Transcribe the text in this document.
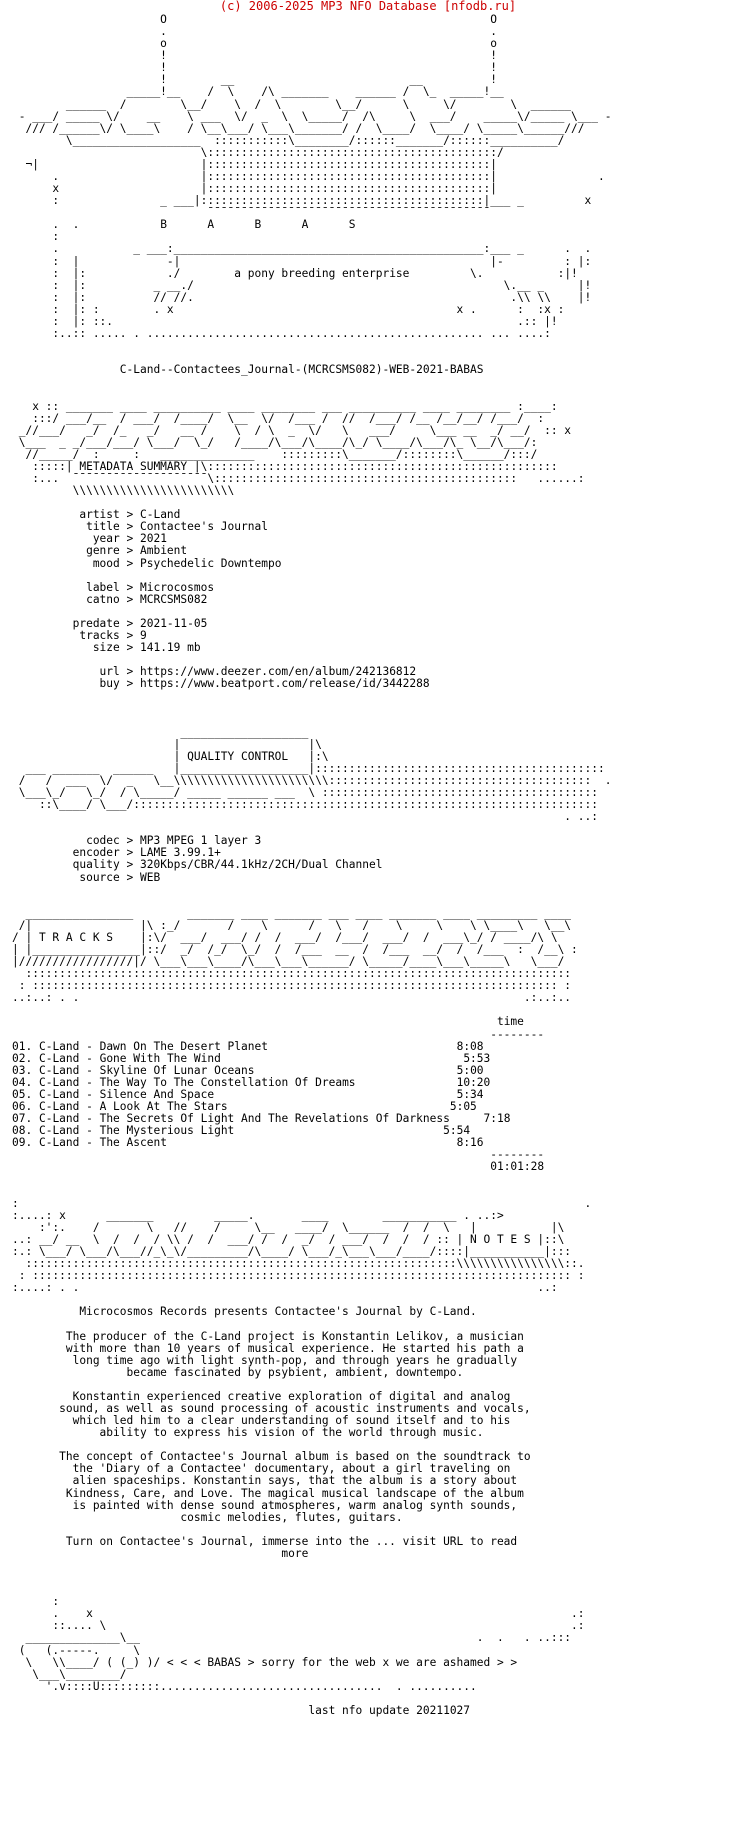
(c) 2006-2025 MP3 NFO Database [nfodb.ru]
O                                                O
.                                                .
o                                                o
!                                                !
!                                                !
!        __                          __          !
_____!__    /  \    /\ _______    ______ /  \_  _____!__
______  /        \__/    \  /  \        \__/      \     \/        \  ______
- ___/ _____ \/    __    \ ___  \/  _  \  \_____/  /\     \  ___/    _____\/_____ \___ -
/// /______\/ \____\    / \__\___/ \___\_______/ /  \____/  \____/ \_____\______///
\___________________  :::::::::::\________/::::::_______/::::::__________/
\:::::::::::::::::::::::::::::::::::::::::::/
¬|                        |::::::::::::::::::::::::::::::::::::::::::|
.                     |::::::::::::::::::::::::::::::::::::::::::|               .
x                     |::::::::::::::::::::::::::::::::::::::::::|
:               _ ___|::::::::::::::::::::::::::::::::::::::::::|___ _         x
¯¯¯¯¯¯¯¯¯¯¯¯¯¯¯¯¯¯¯¯¯¯¯¯¯¯¯¯¯¯¯¯¯¯¯¯¯¯¯¯¯¯
.  .	B      A      B      A      S
:
.           _ ___:______________________________________________:___ _      .  .
:  |             -|                                              |-         : |:
:  |:            ./	a pony breeding enterprise	\.           :|!
:  |:          _ __./                                              \.__ _     |!
:  |:          // //.                                               .\\ \\    |!
:  |: :        . x                                          x .      :  :x :
:  |: ::.                                                            .:: |!
:..:: ..... . .................................................. ... ....:

C-Land--Contactees_Journal-(MCRCSMS082)-WEB-2021-BABAS

x :: _______ ____ __________ ____ ________ ___ __________ ____ ________ :____:
:::/ ___/__  / ___/  /____/  \__  \/  /___ /  //  /___/ /__ /__/__/ /___/  :
_//___/   _/  /_   _/   __ /    \  / \  _  \/   \   ___/     \___ __  _/ __/  :: x
\___  _ _/___/___/ \___/  \_/   /____/\___/\____/\_/ \____/\___/\_ \__/\___/:
//_____/  :     :   ______________    :::::::::\_______/::::::::\______/:::/
:::::| METADATA SUMMARY |\::::::::::::::::::::::::::::::::::::::::::::::::::::
:...  ¯¯¯¯¯¯¯¯¯¯¯¯¯¯¯¯¯¯¯¯\:::::::::::::::::::::::::::::::::::::::::::::   ......:
\\\\\\\\\\\\\\\\\\\\\\\\

artist > C-Land
title > Contactee's Journal
year > 2021
genre > Ambient
mood > Psychedelic Downtempo

label > Microcosmos
catno > MCRCSMS082

predate > 2021-11-05
tracks > 9
size > 141.19 mb

url > https://www.deezer.com/en/album/242136812
buy > https://www.beatport.com/release/id/3442288

___________________
|                   |\
| QUALITY CONTROL   |:\
___ _______  ______   |___________________|:::::::::::::::::::::::::::::::::::::::::::
/   /  ___  \/  _   \__\\\\\\\\\\\\\\\\\\\\\\\:::::::::::::::::::::::::::::::::::::::  .
\___\_/   \_/  / \_____/ _____ ______ ___  \ :::::::::::::::::::::::::::::::::::::::::
::\____/ \___/:::::::::::::::::::::::::::::::::::::::::::::::::::::::::::::::::::::
. ..:

codec > MP3 MPEG 1 layer 3
encoder > LAME 3.99.1+
quality > 320Kbps/CBR/44.1kHz/2CH/Dual Channel
source > WEB

________________        _______ ____ _______ ___ ____ _______ ____ _________ ____
/|                |\ :_/       /    \      /   \   /    \     \    \ \____\   \__\
/ | T R A C K S    |:\/  ___/  ___/ /  /  ___/  /___/  ___/  /  ___\_/ / ____/\ \
| |________________|::/  _/  /_/  \_/  /  /___  __  /  /___  __/  /  /___  :  /__\ :
|/////////////////|/ \___\___\____/\___\___\______/ \_____/____\___\_____\   \___/
:::::::::::::::::::::::::::::::::::::::::::::::::::::::::::::::::::::::::::::::::
: :::::::::::::::::::::::::::::::::::::::::::::::::::::::::::::::::::::::::::::: :
..:..: . .                                                                  .:..:..

time
--------
01. C-Land - Dawn On The Desert Planet	8:08
02. C-Land - Gone With The Wind	5:53
03. C-Land - Skyline Of Lunar Oceans	5:00
04. C-Land - The Way To The Constellation Of Dreams	10:20
05. C-Land - Silence And Space	5:34
06. C-Land - A Look At The Stars	5:05
07. C-Land - The Secrets Of Light And The Revelations Of Darkness	7:18
08. C-Land - The Mysterious Light	5:54
09. C-Land - The Ascent	8:16
--------
01:01:28

:                                                                                    .
:....: x      _______         _____.       ____        ___________ . ..:>
:':.    /       \   //    /     \__   ____/  \______  /  /  \   |           |\
..: __/ __  \  /  /  / \\ /  /  ___/ /  /  _/  / ___/  /  /  / :: | N O T E S |::\
:.: \___/ \___/\___//_\_\/_________/\____/ \___/_\___\___/____/::::|___________|:::
::::::::::::::::::::::::::::::::::::::::::::::::::::::::::::::::\\\\\\\\\\\\\\\\::.
: :::::::::::::::::::::::::::::::::::::::::::::::::::::::::::::::::::::::::::::::: :
:....: . .                                                                    ..:

Microcosmos Records presents Contactee's Journal by C-Land.

The producer of the C-Land project is Konstantin Lelikov, a musician
with more than 10 years of musical experience. He started his path a
long time ago with light synth-pop, and through years he gradually
became fascinated by psybient, ambient, downtempo.

Konstantin experienced creative exploration of digital and analog
sound, as well as sound processing of acoustic instruments and vocals,
which led him to a clear understanding of sound itself and to his
ability to express his vision of the world through music.

The concept of Contactee's Journal album is based on the soundtrack to
the 'Diary of a Contactee' documentary, about a girl traveling on
alien spaceships. Konstantin says, that the album is a story about
Kindness, Care, and Love. The magical musical landscape of the album
is painted with dense sound atmospheres, warm analog synth sounds,
cosmic melodies, flutes, guitars.

Turn on Contactee's Journal, immerse into the ... visit URL to read
more

:
.    x                                                                       .:
::.... \                                                                     .:
______________\__                                                  .  .   . ..:::
(   (.-----.     \
\   \\____/ ( (_) )/ < < < BABAS > sorry for the web x we are ashamed > >
\___\________/
'.v::::U:::::::::.................................  . ..........

last nfo update 20211027
